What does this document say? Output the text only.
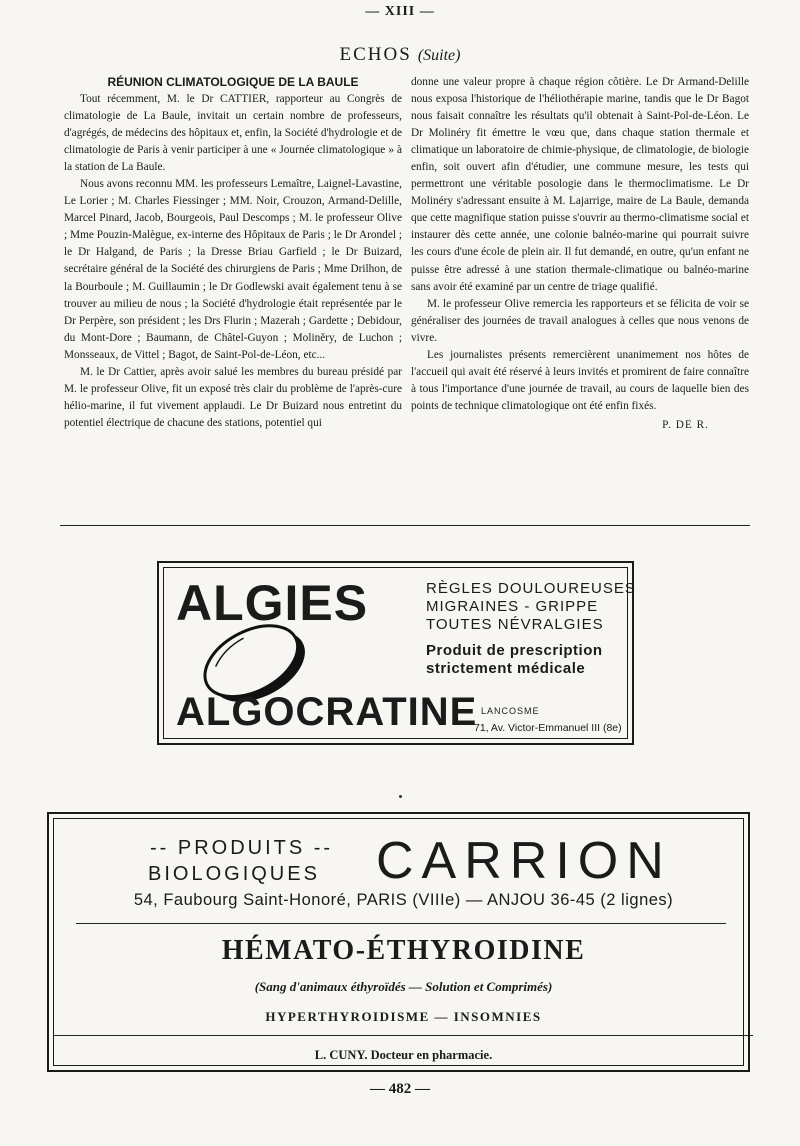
— XIII —
ECHOS (Suite)
RÉUNION CLIMATOLOGIQUE DE LA BAULE

Tout récemment, M. le Dr CATTIER, rapporteur au Congrès de climatologie de La Baule, invitait un certain nombre de professeurs, d'agrégés, de médecins des hôpitaux et, enfin, la Société d'hydrologie et de climatologie de Paris à venir participer à une « Journée climatologique » à la station de La Baule.

Nous avons reconnu MM. les professeurs Lemaître, Laignel-Lavastine, Le Lorier ; M. Charles Fiessinger ; MM. Noir, Crouzon, Armand-Delille, Marcel Pinard, Jacob, Bourgeois, Paul Descomps ; M. le professeur Olive ; Mme Pouzin-Malègue, ex-interne des Hôpitaux de Paris ; le Dr Arondel ; le Dr Halgand, de Paris ; la Dresse Briau Garfield ; le Dr Buizard, secrétaire général de la Société des chirurgiens de Paris ; Mme Drilhon, de la Bourboule ; M. Guillaumin ; le Dr Godlewski avait également tenu à se trouver au milieu de nous ; la Société d'hydrologie était représentée par le Dr Perpère, son président ; les Drs Flurin ; Mazerah ; Gardette ; Debidour, du Mont-Dore ; Baumann, de Châtel-Guyon ; Moliněry, de Luchon ; Monsseaux, de Vittel ; Bagot, de Saint-Pol-de-Léon, etc...

M. le Dr Cattier, après avoir salué les membres du bureau présidé par M. le professeur Olive, fit un exposé très clair du problème de l'après-cure hélio-marine, il fut vivement applaudi. Le Dr Buizard nous entretint du potentiel électrique de chacune des stations, potentiel qui

donne une valeur propre à chaque région côtière. Le Dr Armand-Delille nous exposa l'historique de l'héliothérapie marine, tandis que le Dr Bagot nous faisait connaître les résultats qu'il obtenait à Saint-Pol-de-Léon. Le Dr Molinéry fit émettre le vœu que, dans chaque station thermale et climatique un laboratoire de chimie-physique, de climatologie, de biologie enfin, soit ouvert afin d'étudier, une commune mesure, les tests qui permettront une véritable posologie dans le thermoclimatisme. Le Dr Molinéry s'adressant ensuite à M. Lajarrige, maire de La Baule, demanda que cette magnifique station puisse s'ouvrir au thermo-climatisme social et instaurer dès cette année, une colonie balnéo-marine qui pourrait suivre les cours d'une école de plein air. Il fut demandé, en outre, qu'un enfant ne puisse être adressé à une station thermale-climatique ou balnéo-marine sans avoir été examiné par un centre de triage qualifié.

M. le professeur Olive remercia les rapporteurs et se félicita de voir se généraliser des journées de travail analogues à celles que nous venons de vivre.

Les journalistes présents remercièrent unanimement nos hôtes de l'accueil qui avait été réservé à leurs invités et promirent de faire connaître à tous l'importance d'une journée de travail, au cours de laquelle bien des points de technique climatologique ont été enfin fixés.

P. DE R.

ALGIES
ALGOCRATINE
RÈGLES DOULOUREUSES
MIGRAINES - GRIPPE
TOUTES NÉVRALGIES
Produit de prescription
strictement médicale
LANCOSME
71, Av. Victor-Emmanuel III (8e)
-- PRODUITS --
BIOLOGIQUES CARRION
54, Faubourg Saint-Honoré, PARIS (VIIIe) — ANJOU 36-45 (2 lignes)
HÉMATO-ÉTHYROIDINE
(Sang d'animaux éthyroïdés — Solution et Comprimés)
HYPERTHYROIDISME — INSOMNIES
L. CUNY. Docteur en pharmacie.
— 482 —
